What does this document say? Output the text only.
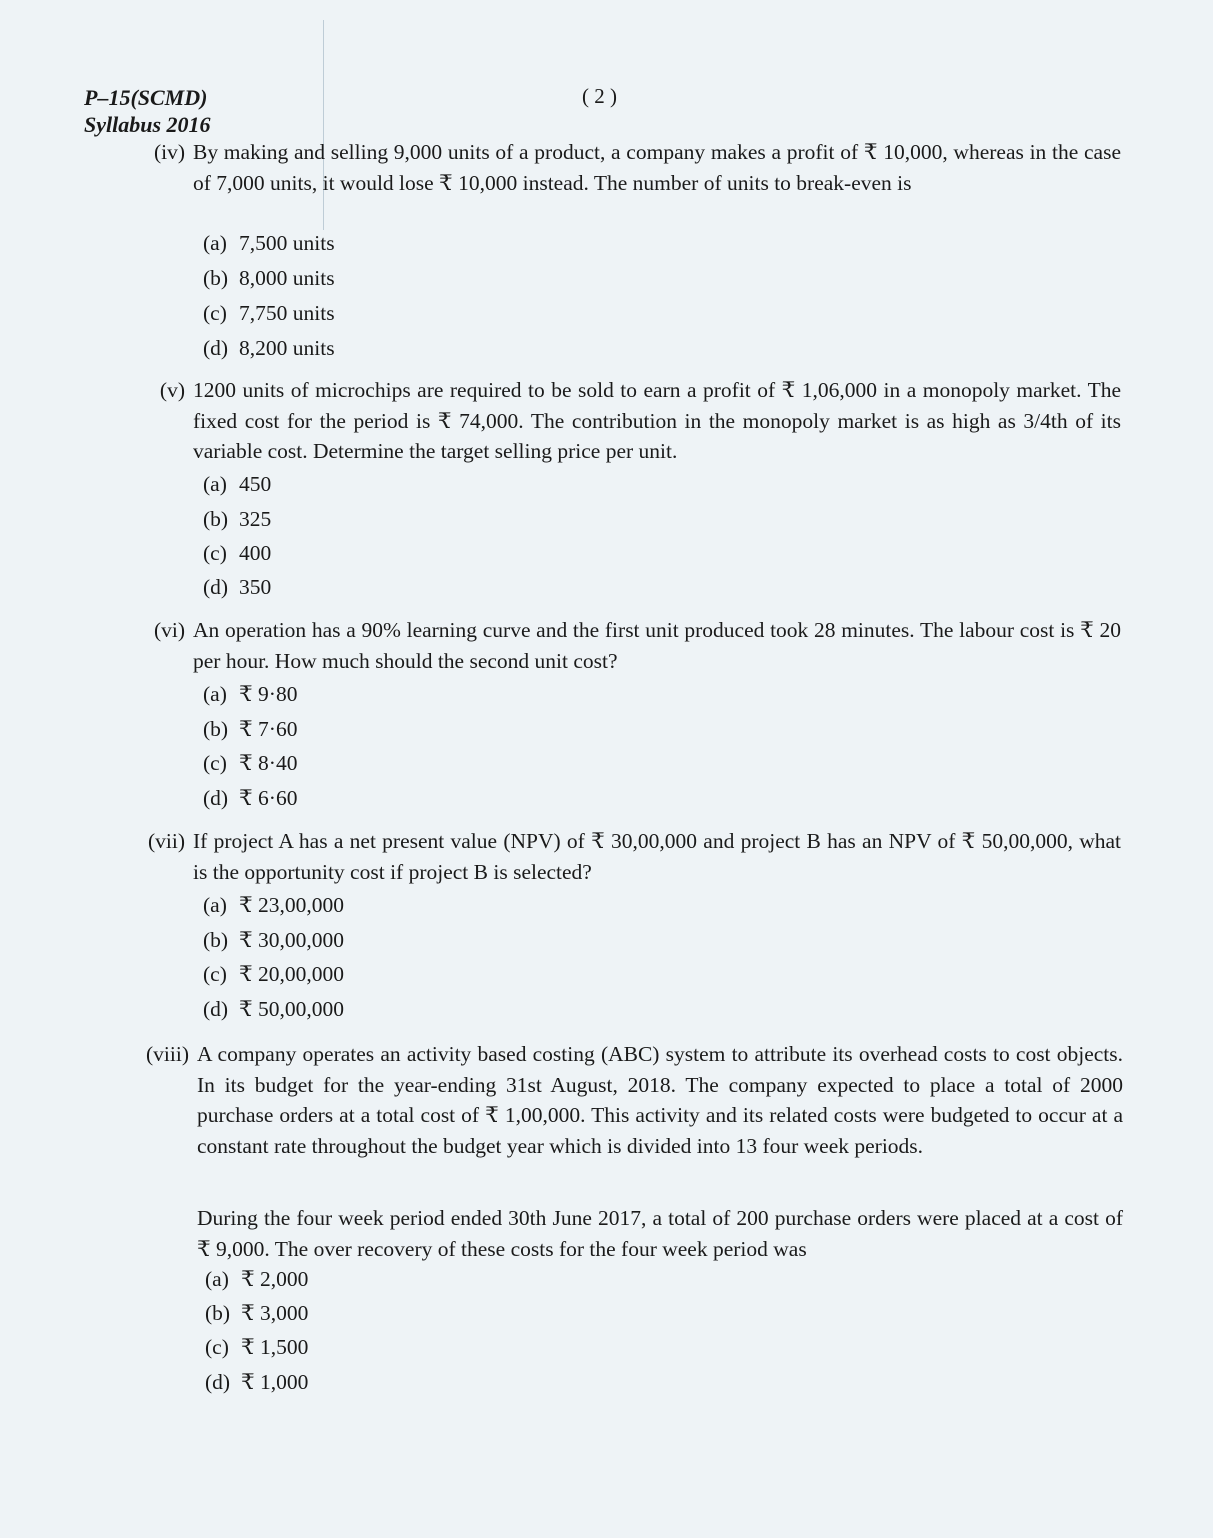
P–15(SCMD)
Syllabus 2016
( 2 )
(iv) By making and selling 9,000 units of a product, a company makes a profit of ₹ 10,000, whereas in the case of 7,000 units, it would lose ₹ 10,000 instead. The number of units to break-even is
(a) 7,500 units
(b) 8,000 units
(c) 7,750 units
(d) 8,200 units
(v) 1200 units of microchips are required to be sold to earn a profit of ₹ 1,06,000 in a monopoly market. The fixed cost for the period is ₹ 74,000. The contribution in the monopoly market is as high as 3/4th of its variable cost. Determine the target selling price per unit.
(a) 450
(b) 325
(c) 400
(d) 350
(vi) An operation has a 90% learning curve and the first unit produced took 28 minutes. The labour cost is ₹ 20 per hour. How much should the second unit cost?
(a) ₹ 9·80
(b) ₹ 7·60
(c) ₹ 8·40
(d) ₹ 6·60
(vii) If project A has a net present value (NPV) of ₹ 30,00,000 and project B has an NPV of ₹ 50,00,000, what is the opportunity cost if project B is selected?
(a) ₹ 23,00,000
(b) ₹ 30,00,000
(c) ₹ 20,00,000
(d) ₹ 50,00,000
(viii) A company operates an activity based costing (ABC) system to attribute its overhead costs to cost objects. In its budget for the year-ending 31st August, 2018. The company expected to place a total of 2000 purchase orders at a total cost of ₹ 1,00,000. This activity and its related costs were budgeted to occur at a constant rate throughout the budget year which is divided into 13 four week periods.
During the four week period ended 30th June 2017, a total of 200 purchase orders were placed at a cost of ₹ 9,000. The over recovery of these costs for the four week period was
(a) ₹ 2,000
(b) ₹ 3,000
(c) ₹ 1,500
(d) ₹ 1,000
